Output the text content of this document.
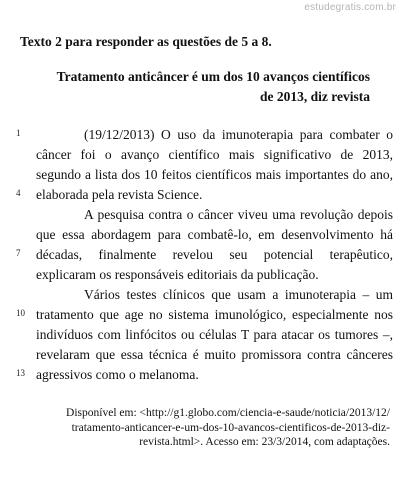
estudegratis.com.br
Texto 2 para responder as questões de 5 a 8.
Tratamento anticâncer é um dos 10 avanços científicos
de 2013, diz revista
1
4
7
10
13
(19/12/2013) O uso da imunoterapia para combater o
câncer foi o avanço científico mais significativo de 2013,
segundo a lista dos 10 feitos científicos mais importantes do ano,
elaborada pela revista Science.
A pesquisa contra o câncer viveu uma revolução depois
que essa abordagem para combatê-lo, em desenvolvimento há
décadas, finalmente revelou seu potencial terapêutico,
explicaram os responsáveis editoriais da publicação.
Vários testes clínicos que usam a imunoterapia – um
tratamento que age no sistema imunológico, especialmente nos
indivíduos com linfócitos ou células T para atacar os tumores –,
revelaram que essa técnica é muito promissora contra cânceres
agressivos como o melanoma.
Disponível em: <http://g1.globo.com/ciencia-e-saude/noticia/2013/12/
tratamento-anticancer-e-um-dos-10-avancos-cientificos-de-2013-diz-
revista.html>. Acesso em: 23/3/2014, com adaptações.
